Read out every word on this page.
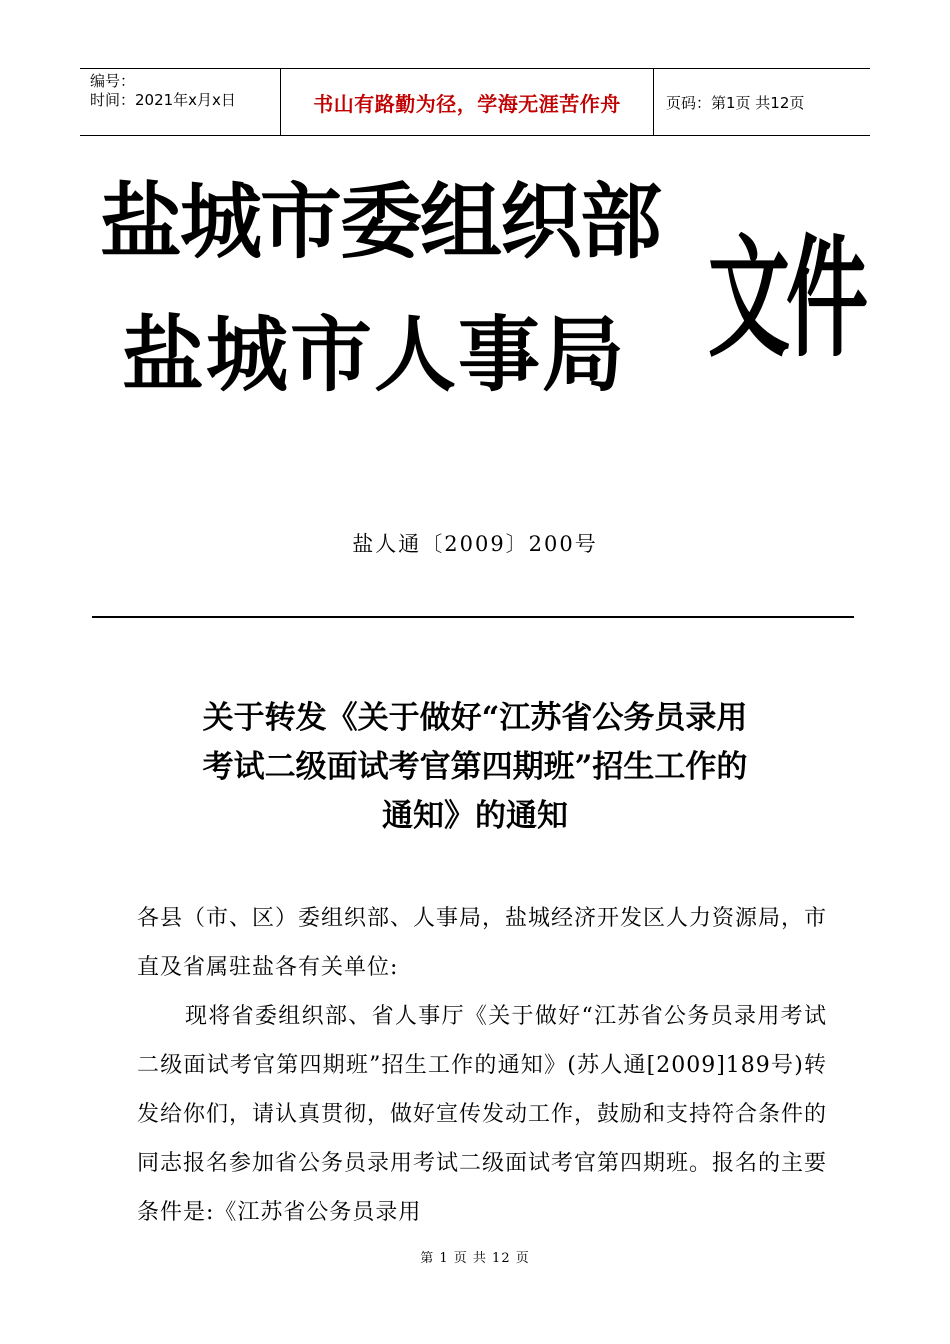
编号：
时间：2021年x月x日	书山有路勤为径，学海无涯苦作舟	页码：第1页 共12页
盐城市委组织部
盐城市人事局 文件
盐人通〔2009〕200号
关于转发《关于做好“江苏省公务员录用
考试二级面试考官第四期班”招生工作的
通知》的通知

各县（市、区）委组织部、人事局，盐城经济开发区人力资源局，市直及省属驻盐各有关单位:

现将省委组织部、省人事厅《关于做好“江苏省公务员录用考试二级面试考官第四期班”招生工作的通知》(苏人通[2009]189号)转发给你们，请认真贯彻，做好宣传发动工作，鼓励和支持符合条件的同志报名参加省公务员录用考试二级面试考官第四期班。报名的主要条件是:《江苏省公务员录用

第 1 页 共 12 页
